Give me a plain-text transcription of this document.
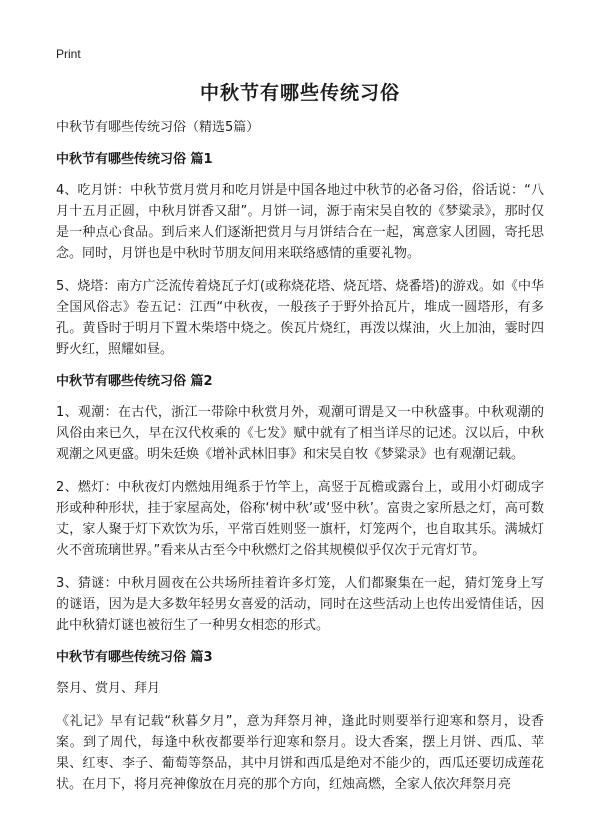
Print
中秋节有哪些传统习俗

中秋节有哪些传统习俗（精选5篇）

中秋节有哪些传统习俗 篇1

4、吃月饼：中秋节赏月赏月和吃月饼是中国各地过中秋节的必备习俗，俗话说：“八月十五月正圆，中秋月饼香又甜”。月饼一词，源于南宋吴自牧的《梦粱录》，那时仅是一种点心食品。到后来人们逐渐把赏月与月饼结合在一起，寓意家人团圆，寄托思念。同时，月饼也是中秋时节朋友间用来联络感情的重要礼物。

5、烧塔：南方广泛流传着烧瓦子灯(或称烧花塔、烧瓦塔、烧番塔)的游戏。如《中华全国风俗志》卷五记：江西“中秋夜，一般孩子于野外拾瓦片，堆成一圆塔形，有多孔。黄昏时于明月下置木柴塔中烧之。俟瓦片烧红，再泼以煤油，火上加油，霎时四野火红，照耀如昼。

中秋节有哪些传统习俗 篇2

1、观潮：在古代，浙江一带除中秋赏月外，观潮可谓是又一中秋盛事。中秋观潮的风俗由来已久，早在汉代枚乘的《七发》赋中就有了相当详尽的记述。汉以后，中秋观潮之风更盛。明朱廷焕《增补武林旧事》和宋吴自牧《梦粱录》也有观潮记载。

2、燃灯：中秋夜灯内燃烛用绳系于竹竿上，高竖于瓦檐或露台上，或用小灯砌成字形或种种形状，挂于家屋高处，俗称‘树中秋’或‘竖中秋’。富贵之家所悬之灯，高可数丈，家人聚于灯下欢饮为乐，平常百姓则竖一旗杆，灯笼两个，也自取其乐。满城灯火不啻琉璃世界。”看来从古至今中秋燃灯之俗其规模似乎仅次于元宵灯节。

3、猜谜：中秋月圆夜在公共场所挂着许多灯笼，人们都聚集在一起，猜灯笼身上写的谜语，因为是大多数年轻男女喜爱的活动，同时在这些活动上也传出爱情佳话，因此中秋猜灯谜也被衍生了一种男女相恋的形式。

中秋节有哪些传统习俗 篇3

祭月、赏月、拜月

《礼记》早有记载“秋暮夕月”，意为拜祭月神，逢此时则要举行迎寒和祭月，设香案。到了周代，每逢中秋夜都要举行迎寒和祭月。设大香案，摆上月饼、西瓜、苹果、红枣、李子、葡萄等祭品，其中月饼和西瓜是绝对不能少的，西瓜还要切成莲花状。在月下，将月亮神像放在月亮的那个方向，红烛高燃，全家人依次拜祭月亮
